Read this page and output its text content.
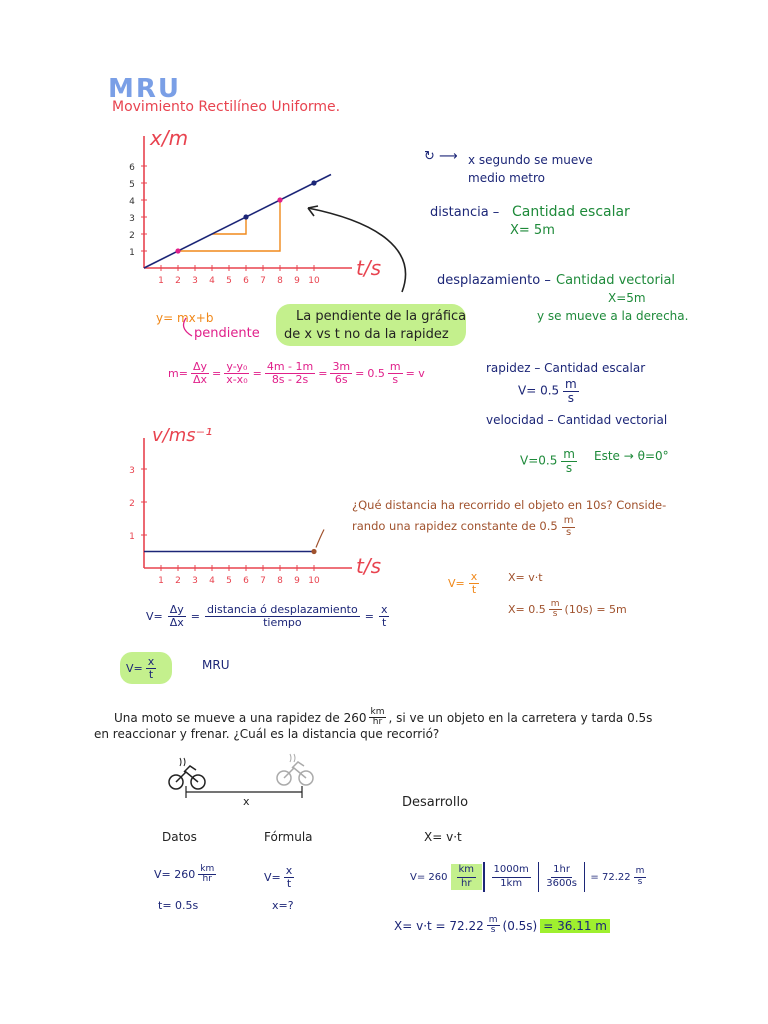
MRU
Movimiento Rectilíneo Uniforme.
1
2
3
4
5
6
1 2 3 4 5 6 7 8 9 10
1
2
3
1 2 3 4 5 6 7 8 9 10
x/m
t/s
↻ ⟶ x segundo se mueve
medio metro
distancia – Cantidad escalar
X= 5m
desplazamiento – Cantidad vectorial
X=5m
y se mueve a la derecha.
rapidez – Cantidad escalar
$V= 0.5 \frac{m}{s}$
velocidad – Cantidad vectorial
$V=0.5 \frac{m}{s}$ Este → θ=0°
y= mx+b
pendiente
La pendiente de la gráfica
de x vs t no da la rapidez
$m= \frac{\Delta y}{\Delta x} = \frac{\text{y-y₀}}{\text{x-x₀}} = \frac{4m - 1m}{8s - 2s} = \frac{3m}{6s} = 0.5 \frac{m}{s} = v$
v/ms⁻¹
t/s
¿Qué distancia ha recorrido el objeto en 10s? Conside-
rando una rapidez constante de $0.5 \frac{m}{s}$
$V= \frac{x}{t}$	X= v·t
$X= 0.5 \frac{m}{s} (10s) = 5m$
$V= \frac{\Delta y}{\Delta x} = \frac{\text{distancia ó desplazamiento}}{\text{tiempo}} = \frac{x}{t}$
$V= \frac{x}{t}$	MRU
Una moto se mueve a una rapidez de $260 \frac{km}{hr}$ , si ve un objeto en la carretera y tarda 0.5s
en reaccionar y frenar. ¿Cuál es la distancia que recorrió?
x	Desarrollo
Datos	Fórmula	X= v·t
$V= 260 \frac{km}{hr}$
t= 0.5s
$V= \frac{x}{t}$
x=?
V= 260
km
hr
1000m
1km
1hr
3600s
= $72.22 \frac{m}{s}$
$X= v\cdot t = 72.22 \frac{m}{s} (0.5s) = 36.11$ m
